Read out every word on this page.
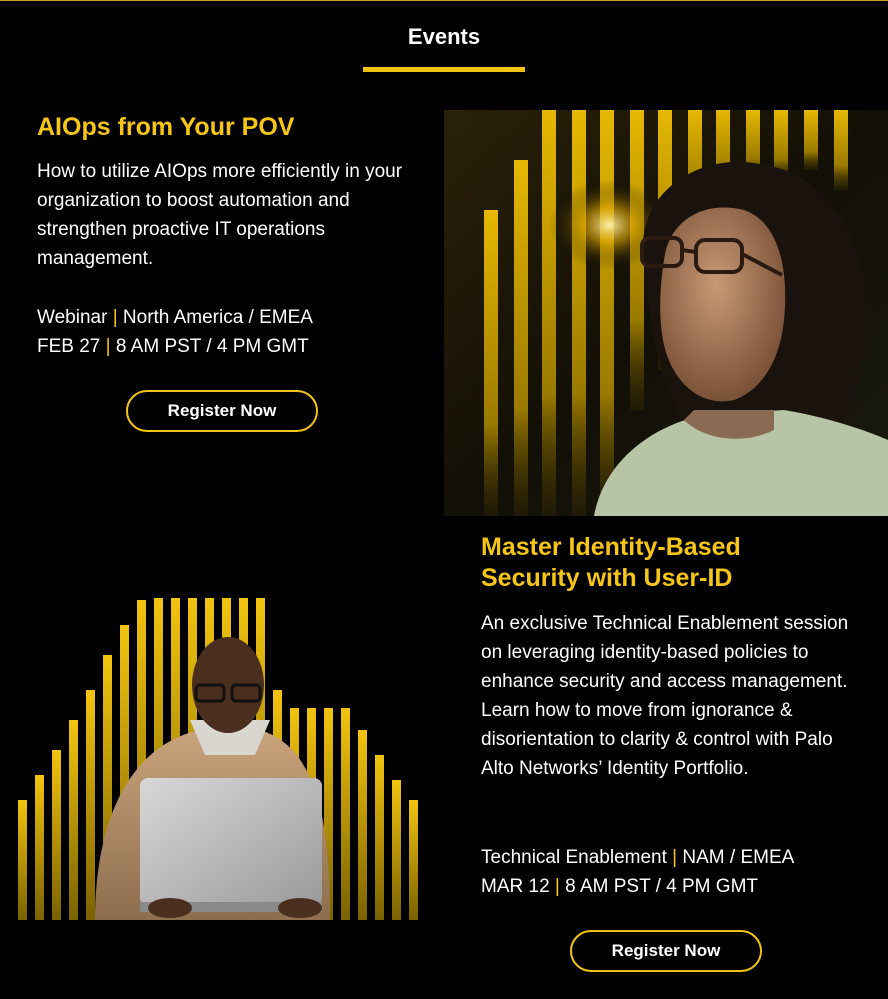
Events
AIOps from Your POV

How to utilize AIOps more efficiently in your organization to boost automation and strengthen proactive IT operations management.

Webinar | North America / EMEA
FEB 27 | 8 AM PST / 4 PM GMT
Register Now
Master Identity-Based
Security with User-ID

An exclusive Technical Enablement session on leveraging identity-based policies to enhance security and access management. Learn how to move from ignorance & disorientation to clarity & control with Palo Alto Networks’ Identity Portfolio.

Technical Enablement | NAM / EMEA
MAR 12 | 8 AM PST / 4 PM GMT
Register Now
